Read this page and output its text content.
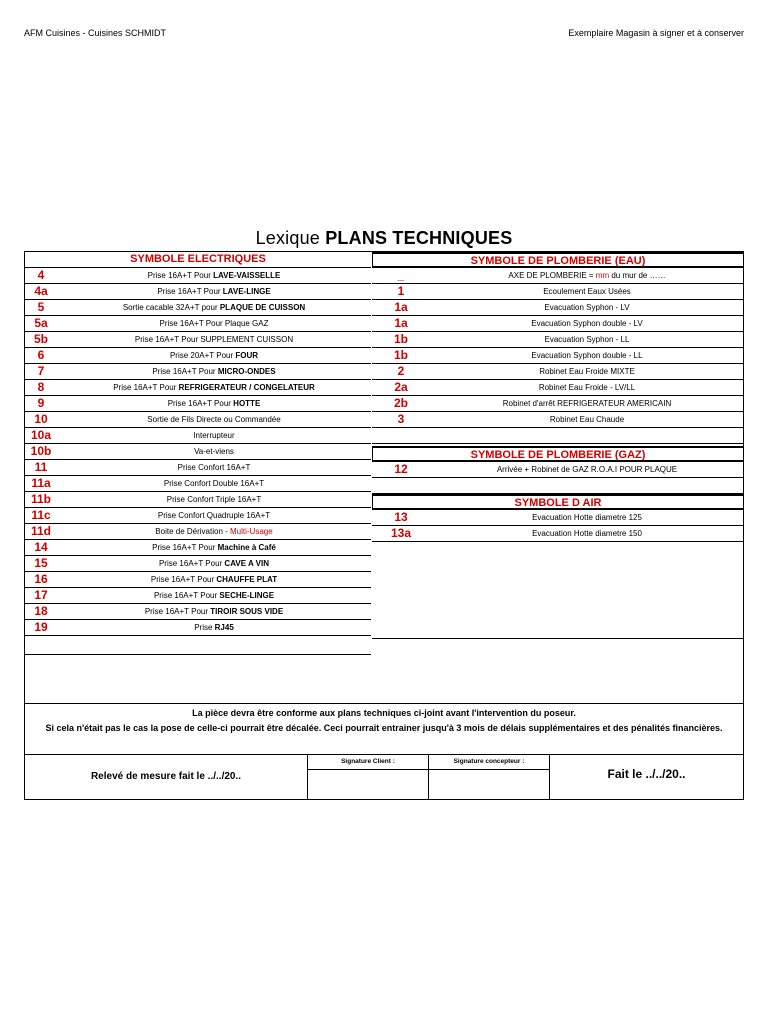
AFM Cuisines - Cuisines SCHMIDT	Exemplaire Magasin à signer et à conserver
Lexique PLANS TECHNIQUES
SYMBOLE ELECTRIQUES
4	Prise 16A+T Pour LAVE-VAISSELLE
4a	Prise 16A+T Pour LAVE-LINGE
5	Sortie cacable 32A+T pour PLAQUE DE CUISSON
5a	Prise 16A+T Pour Plaque GAZ
5b	Prise 16A+T Pour SUPPLEMENT CUISSON
6	Prise 20A+T Pour FOUR
7	Prise 16A+T Pour MICRO-ONDES
8	Prise 16A+T Pour REFRIGERATEUR / CONGELATEUR
9	Prise 16A+T Pour HOTTE
10	Sortie de Fils Directe ou Commandée
10a	Interrupteur
10b	Va-et-viens
11	Prise Confort 16A+T
11a	Prise Confort Double 16A+T
11b	Prise Confort Triple 16A+T
11c	Prise Confort Quadruple 16A+T
11d	Boite de Dérivation - Multi-Usage
14	Prise 16A+T Pour Machine à Café
15	Prise 16A+T Pour CAVE A VIN
16	Prise 16A+T Pour CHAUFFE PLAT
17	Prise 16A+T Pour SECHE-LINGE
18	Prise 16A+T Pour TIROIR SOUS VIDE
19	Prise RJ45
SYMBOLE DE PLOMBERIE (EAU)
_	AXE DE PLOMBERIE = mm du mur de ……
1	Ecoulement Eaux Usées
1a	Evacuation Syphon - LV
1a	Evacuation Syphon double - LV
1b	Evacuation Syphon - LL
1b	Evacuation Syphon double - LL
2	Robinet Eau Froide MIXTE
2a	Robinet Eau Froide - LV/LL
2b	Robinet d'arrêt REFRIGERATEUR AMERICAIN
3	Robinet Eau Chaude
SYMBOLE DE PLOMBERIE (GAZ)
12	Arrivée + Robinet de GAZ R.O.A.I POUR PLAQUE
SYMBOLE D AIR
13	Evacuation Hotte diametre 125
13a	Evacuation Hotte diametre 150
La pièce devra être conforme aux plans techniques ci-joint avant l'intervention du poseur.
Si cela n'était pas le cas la pose de celle-ci pourrait être décalée. Ceci pourrait entrainer jusqu'à 3 mois de délais supplémentaires et des pénalités financières.
Relevé de mesure fait le ../../20..
Signature Client :	Signature concepteur :
Fait le ../../20..
